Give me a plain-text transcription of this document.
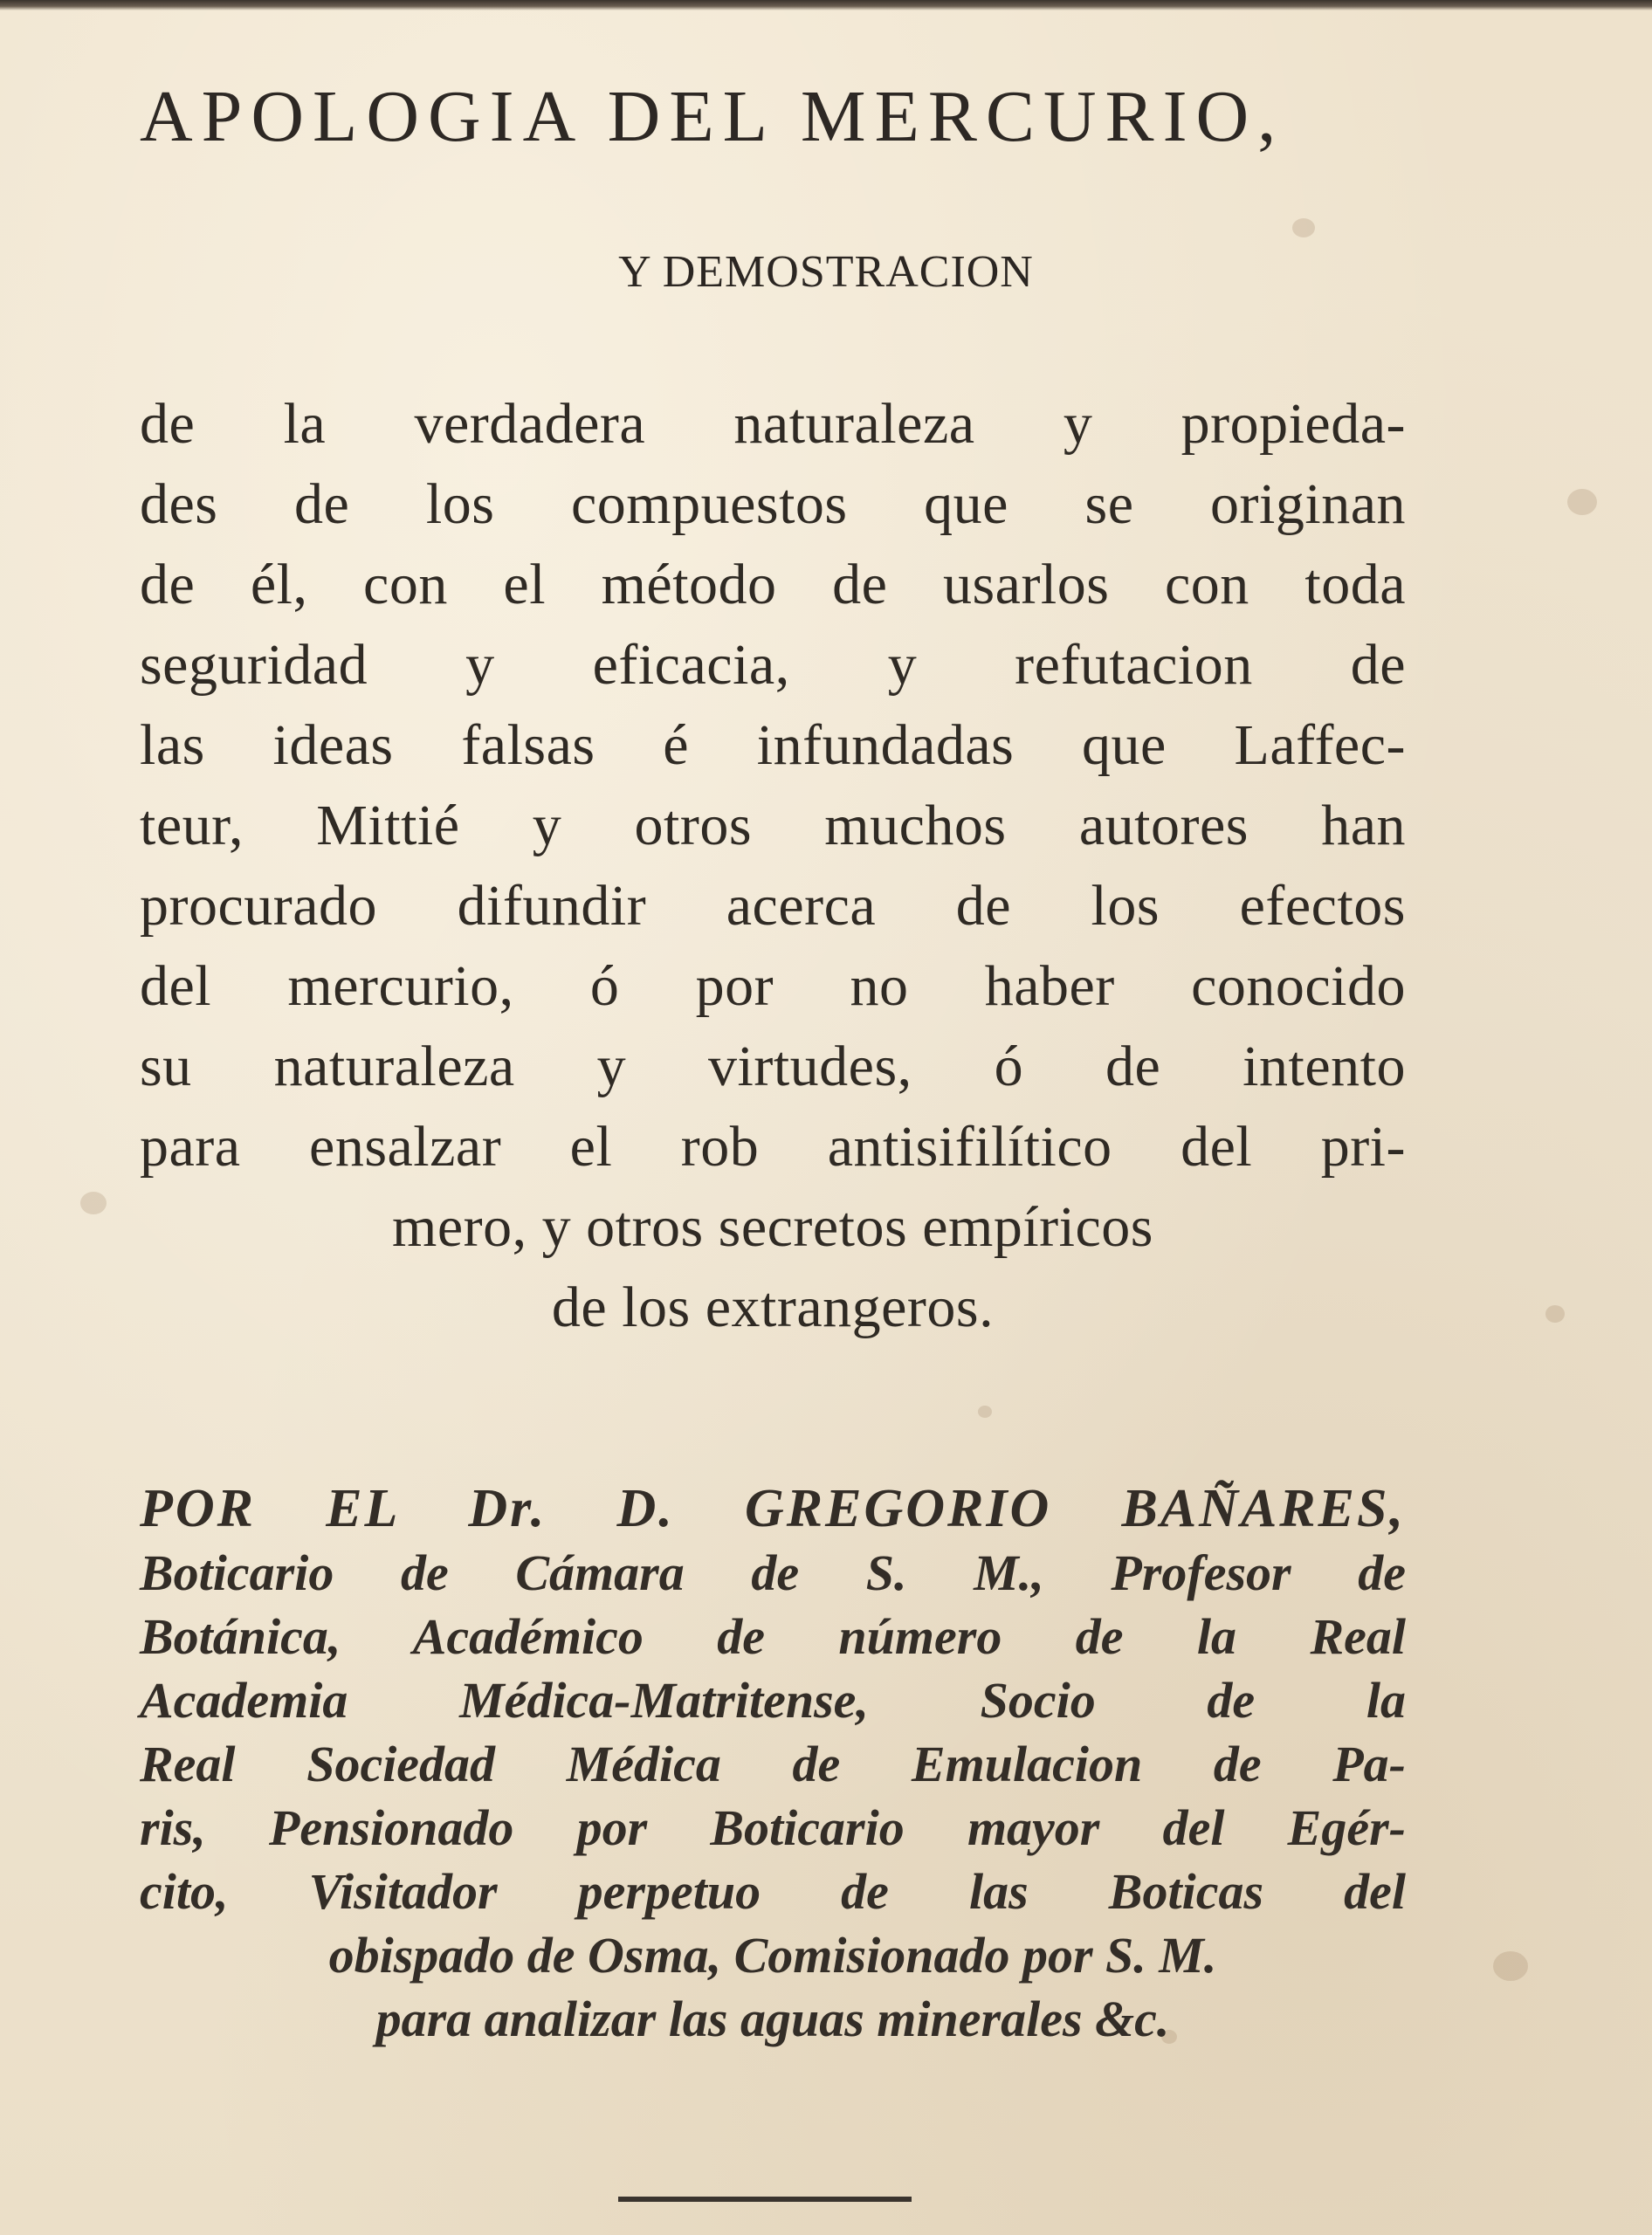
APOLOGIA DEL MERCURIO,
Y DEMOSTRACION
de la verdadera naturaleza y propieda-
des de los compuestos que se originan
de él, con el método de usarlos con toda
seguridad y eficacia, y refutacion de
las ideas falsas é infundadas que Laffec-
teur, Mittié y otros muchos autores han
procurado difundir acerca de los efectos
del mercurio, ó por no haber conocido
su naturaleza y virtudes, ó de intento
para ensalzar el rob antisifilítico del pri-
mero, y otros secretos empíricos
de los extrangeros.
POR EL Dr. D. GREGORIO BAÑARES,
Boticario de Cámara de S. M., Profesor de
Botánica, Académico de número de la Real
Academia Médica-Matritense, Socio de la
Real Sociedad Médica de Emulacion de Pa-
ris, Pensionado por Boticario mayor del Egér-
cito, Visitador perpetuo de las Boticas del
obispado de Osma, Comisionado por S. M.
para analizar las aguas minerales &c.
